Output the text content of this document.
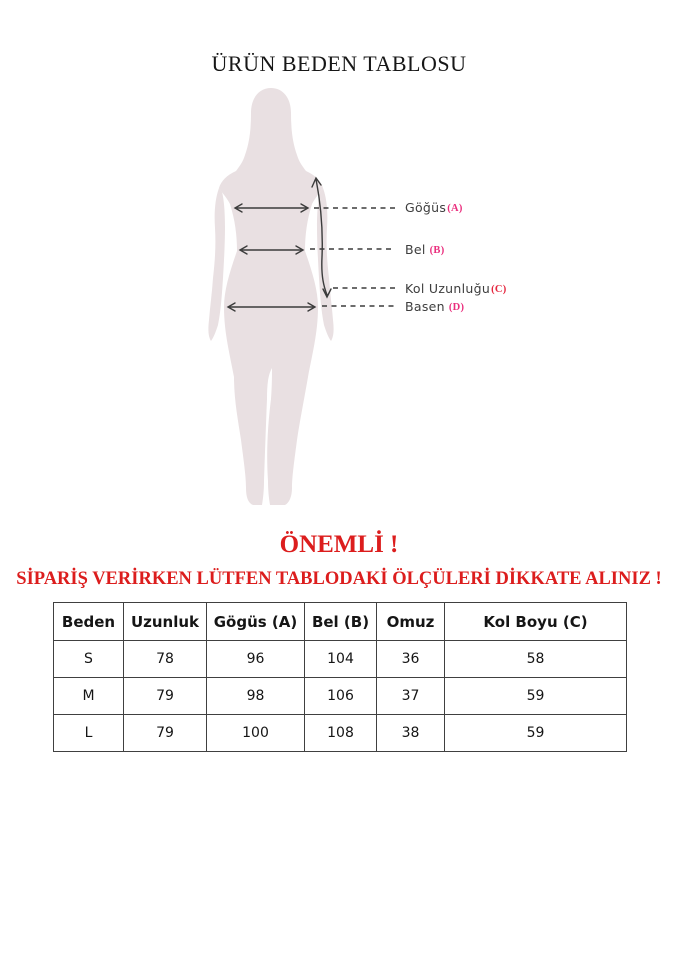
ÜRÜN BEDEN TABLOSU
Göğüs(A)
Bel (B)
Kol Uzunluğu(C)
Basen (D)
ÖNEMLİ !
SİPARİŞ VERİRKEN LÜTFEN TABLODAKİ ÖLÇÜLERİ DİKKATE ALINIZ !
Beden	Uzunluk	Gögüs (A)	Bel (B)	Omuz	Kol Boyu (C)
S	78	96	104	36	58
M	79	98	106	37	59
L	79	100	108	38	59
